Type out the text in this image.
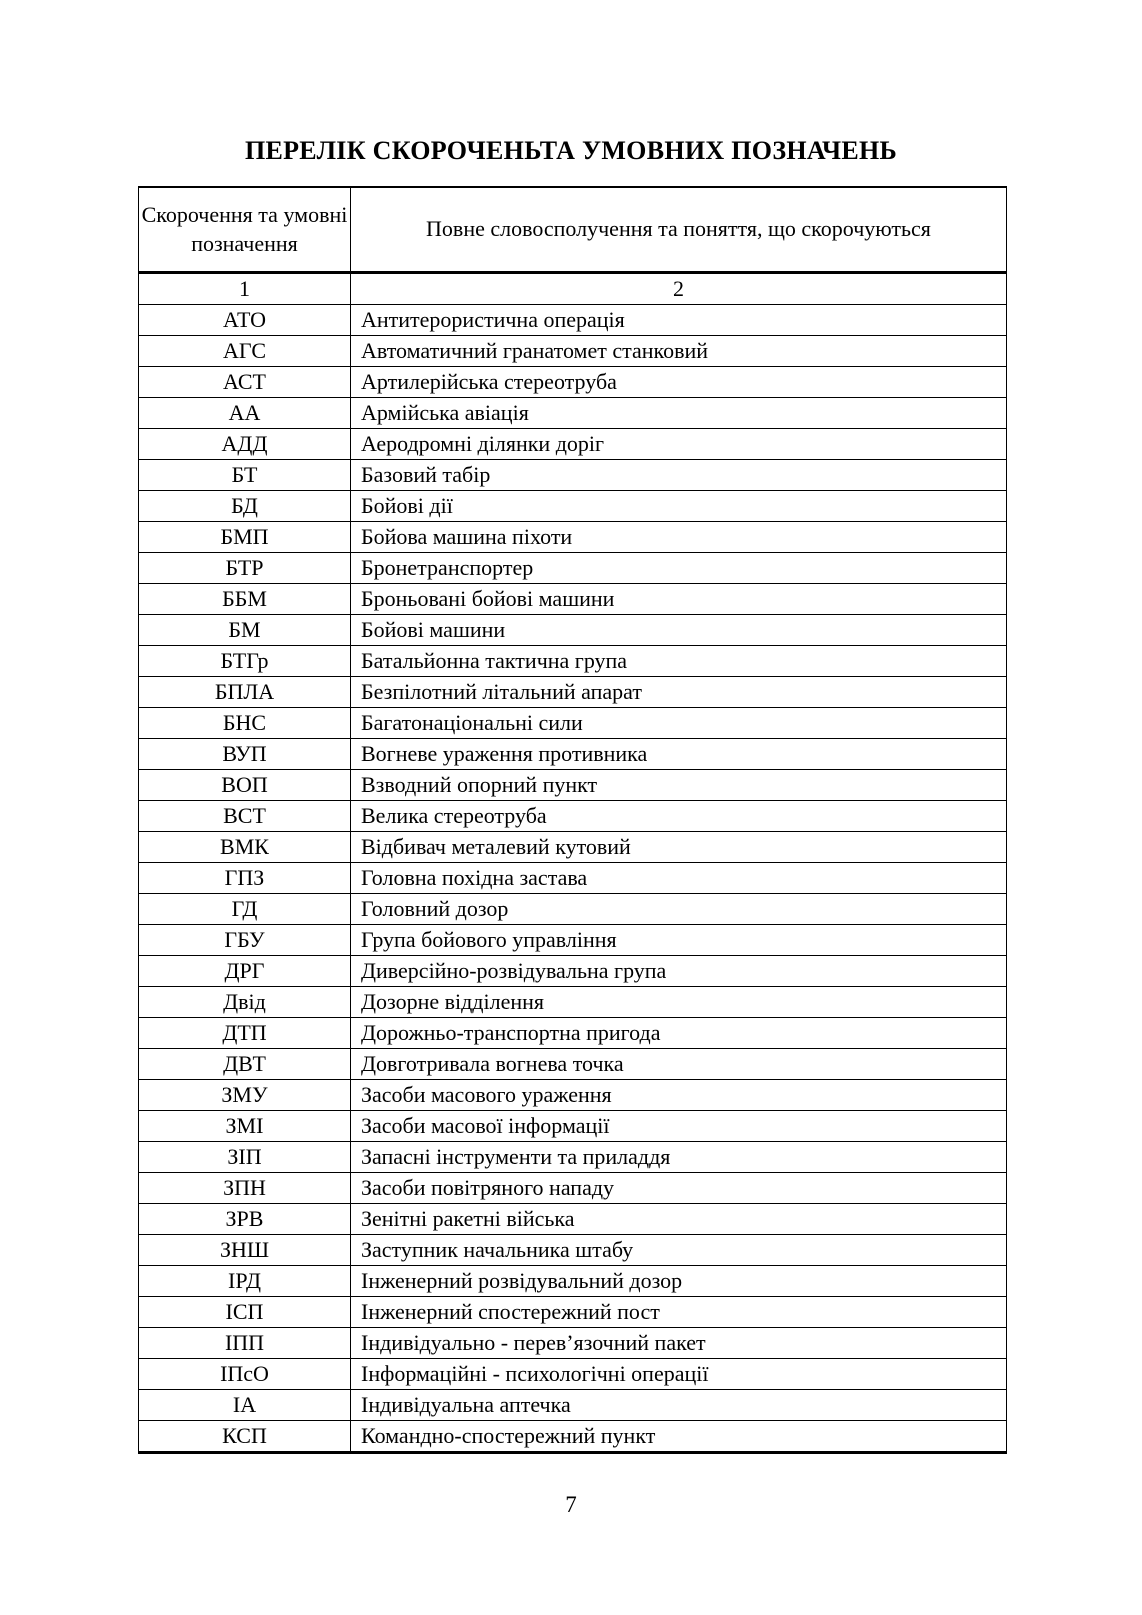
ПЕРЕЛІК СКОРОЧЕНЬТА УМОВНИХ ПОЗНАЧЕНЬ
Скорочення та умовні позначення	Повне словосполучення та поняття, що скорочуються
1	2
АТО	Антитерористична операція
АГС	Автоматичний гранатомет станковий
АСТ	Артилерійська стереотруба
АА	Армійська авіація
АДД	Аеродромні ділянки доріг
БТ	Базовий табір
БД	Бойові дії
БМП	Бойова машина піхоти
БТР	Бронетранспортер
ББМ	Броньовані бойові машини
БМ	Бойові машини
БТГр	Батальйонна тактична група
БПЛА	Безпілотний літальний апарат
БНС	Багатонаціональні сили
ВУП	Вогневе ураження противника
ВОП	Взводний опорний пункт
ВСТ	Велика стереотруба
ВМК	Відбивач металевий кутовий
ГПЗ	Головна похідна застава
ГД	Головний дозор
ГБУ	Група бойового управління
ДРГ	Диверсійно-розвідувальна група
Двід	Дозорне відділення
ДТП	Дорожньо-транспортна пригода
ДВТ	Довготривала вогнева точка
ЗМУ	Засоби масового ураження
ЗМІ	Засоби масової інформації
ЗІП	Запасні інструменти та приладдя
ЗПН	Засоби повітряного нападу
ЗРВ	Зенітні ракетні війська
ЗНШ	Заступник начальника штабу
ІРД	Інженерний розвідувальний дозор
ІСП	Інженерний спостережний пост
ІПП	Індивідуально - перев’язочний пакет
ІПсО	Інформаційні - психологічні операції
ІА	Індивідуальна аптечка
КСП	Командно-спостережний пункт
7
